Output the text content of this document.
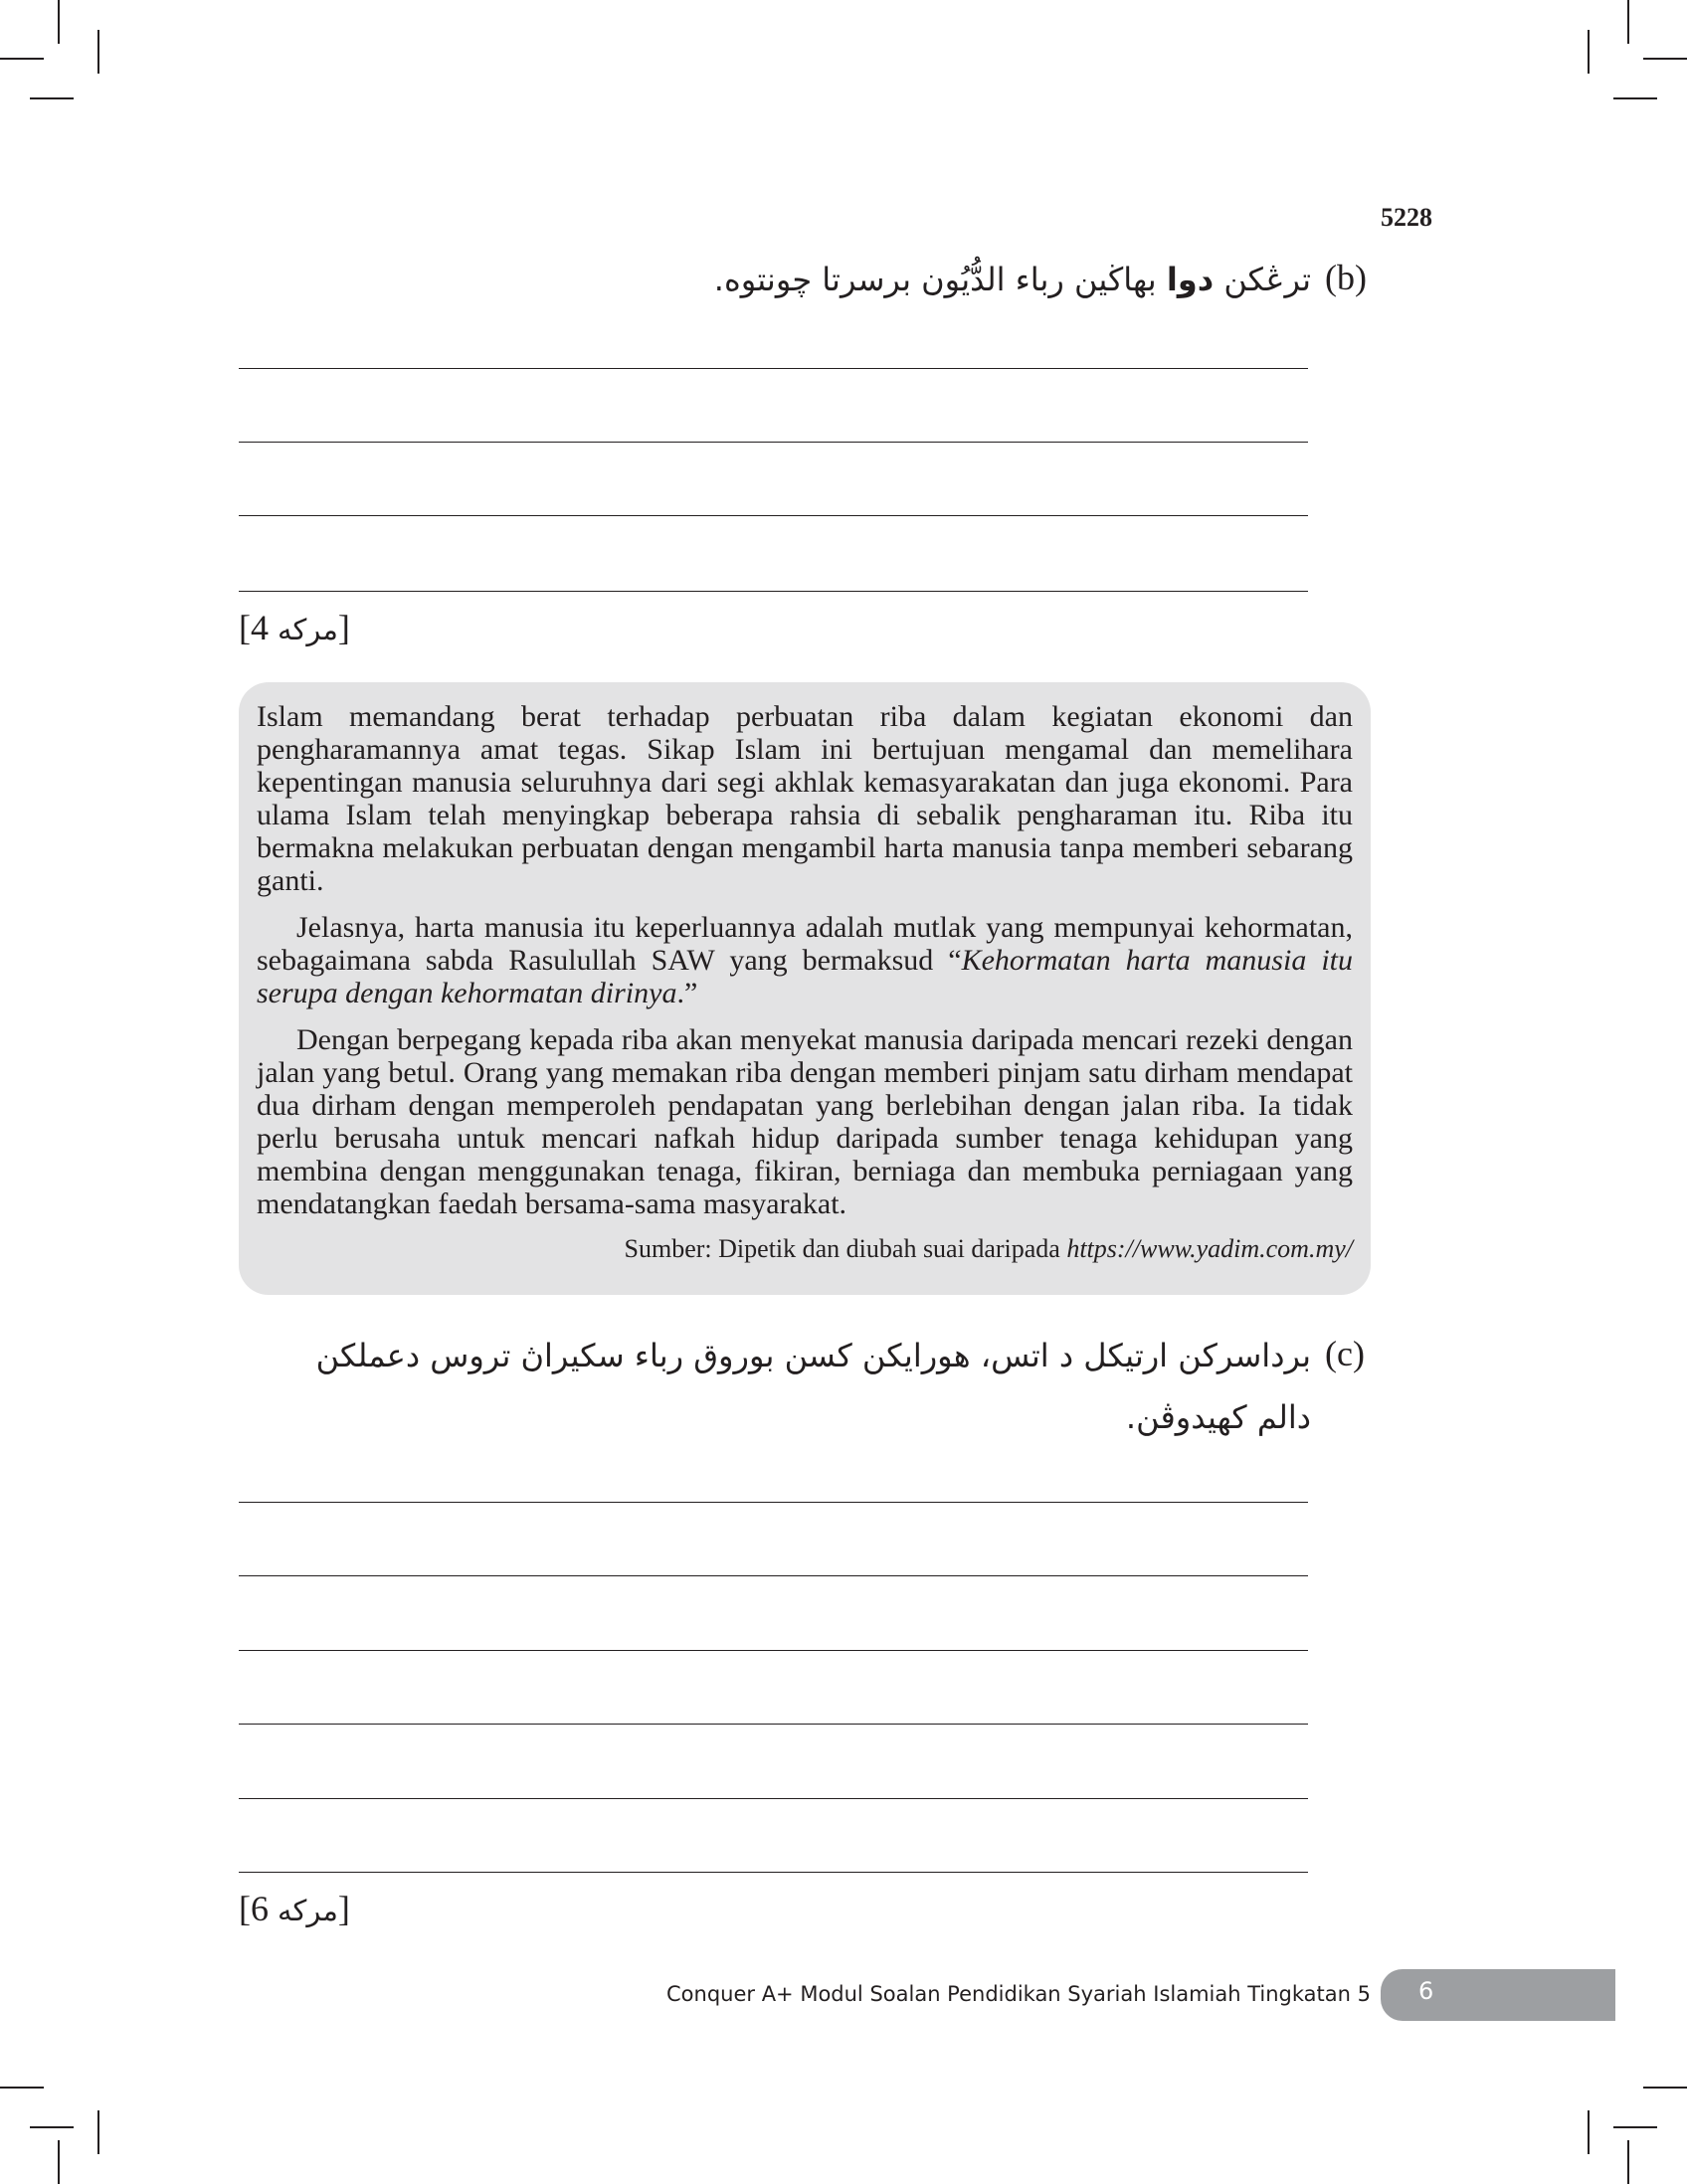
5228
(b)
ترڠكن دوا بهاڬين رباء الدُّيُون برسرتا چونتوه.
[4 مركه]

Islam memandang berat terhadap perbuatan riba dalam kegiatan ekonomi dan pengharamannya amat tegas. Sikap Islam ini bertujuan mengamal dan memelihara kepentingan manusia seluruhnya dari segi akhlak kemasyarakatan dan juga ekonomi. Para ulama Islam telah menyingkap beberapa rahsia di sebalik pengharaman itu. Riba itu bermakna melakukan perbuatan dengan mengambil harta manusia tanpa memberi sebarang ganti.

Jelasnya, harta manusia itu keperluannya adalah mutlak yang mempunyai kehormatan, sebagaimana sabda Rasulullah SAW yang bermaksud “Kehormatan harta manusia itu serupa dengan kehormatan dirinya.”

Dengan berpegang kepada riba akan menyekat manusia daripada mencari rezeki dengan jalan yang betul. Orang yang memakan riba dengan memberi pinjam satu dirham mendapat dua dirham dengan memperoleh pendapatan yang berlebihan dengan jalan riba. Ia tidak perlu berusaha untuk mencari nafkah hidup daripada sumber tenaga kehidupan yang membina dengan menggunakan tenaga, fikiran, berniaga dan membuka perniagaan yang mendatangkan faedah bersama-sama masyarakat.

Sumber: Dipetik dan diubah suai daripada https://www.yadim.com.my/
(c)
برداسرکن ارتيکل د اتس، هورايكن كسن بوروق رباء سكيراڽ تروس دعملكن دالم كهيدوڤن.
[6 مركه]
Conquer A+ Modul Soalan Pendidikan Syariah Islamiah Tingkatan 5 6
